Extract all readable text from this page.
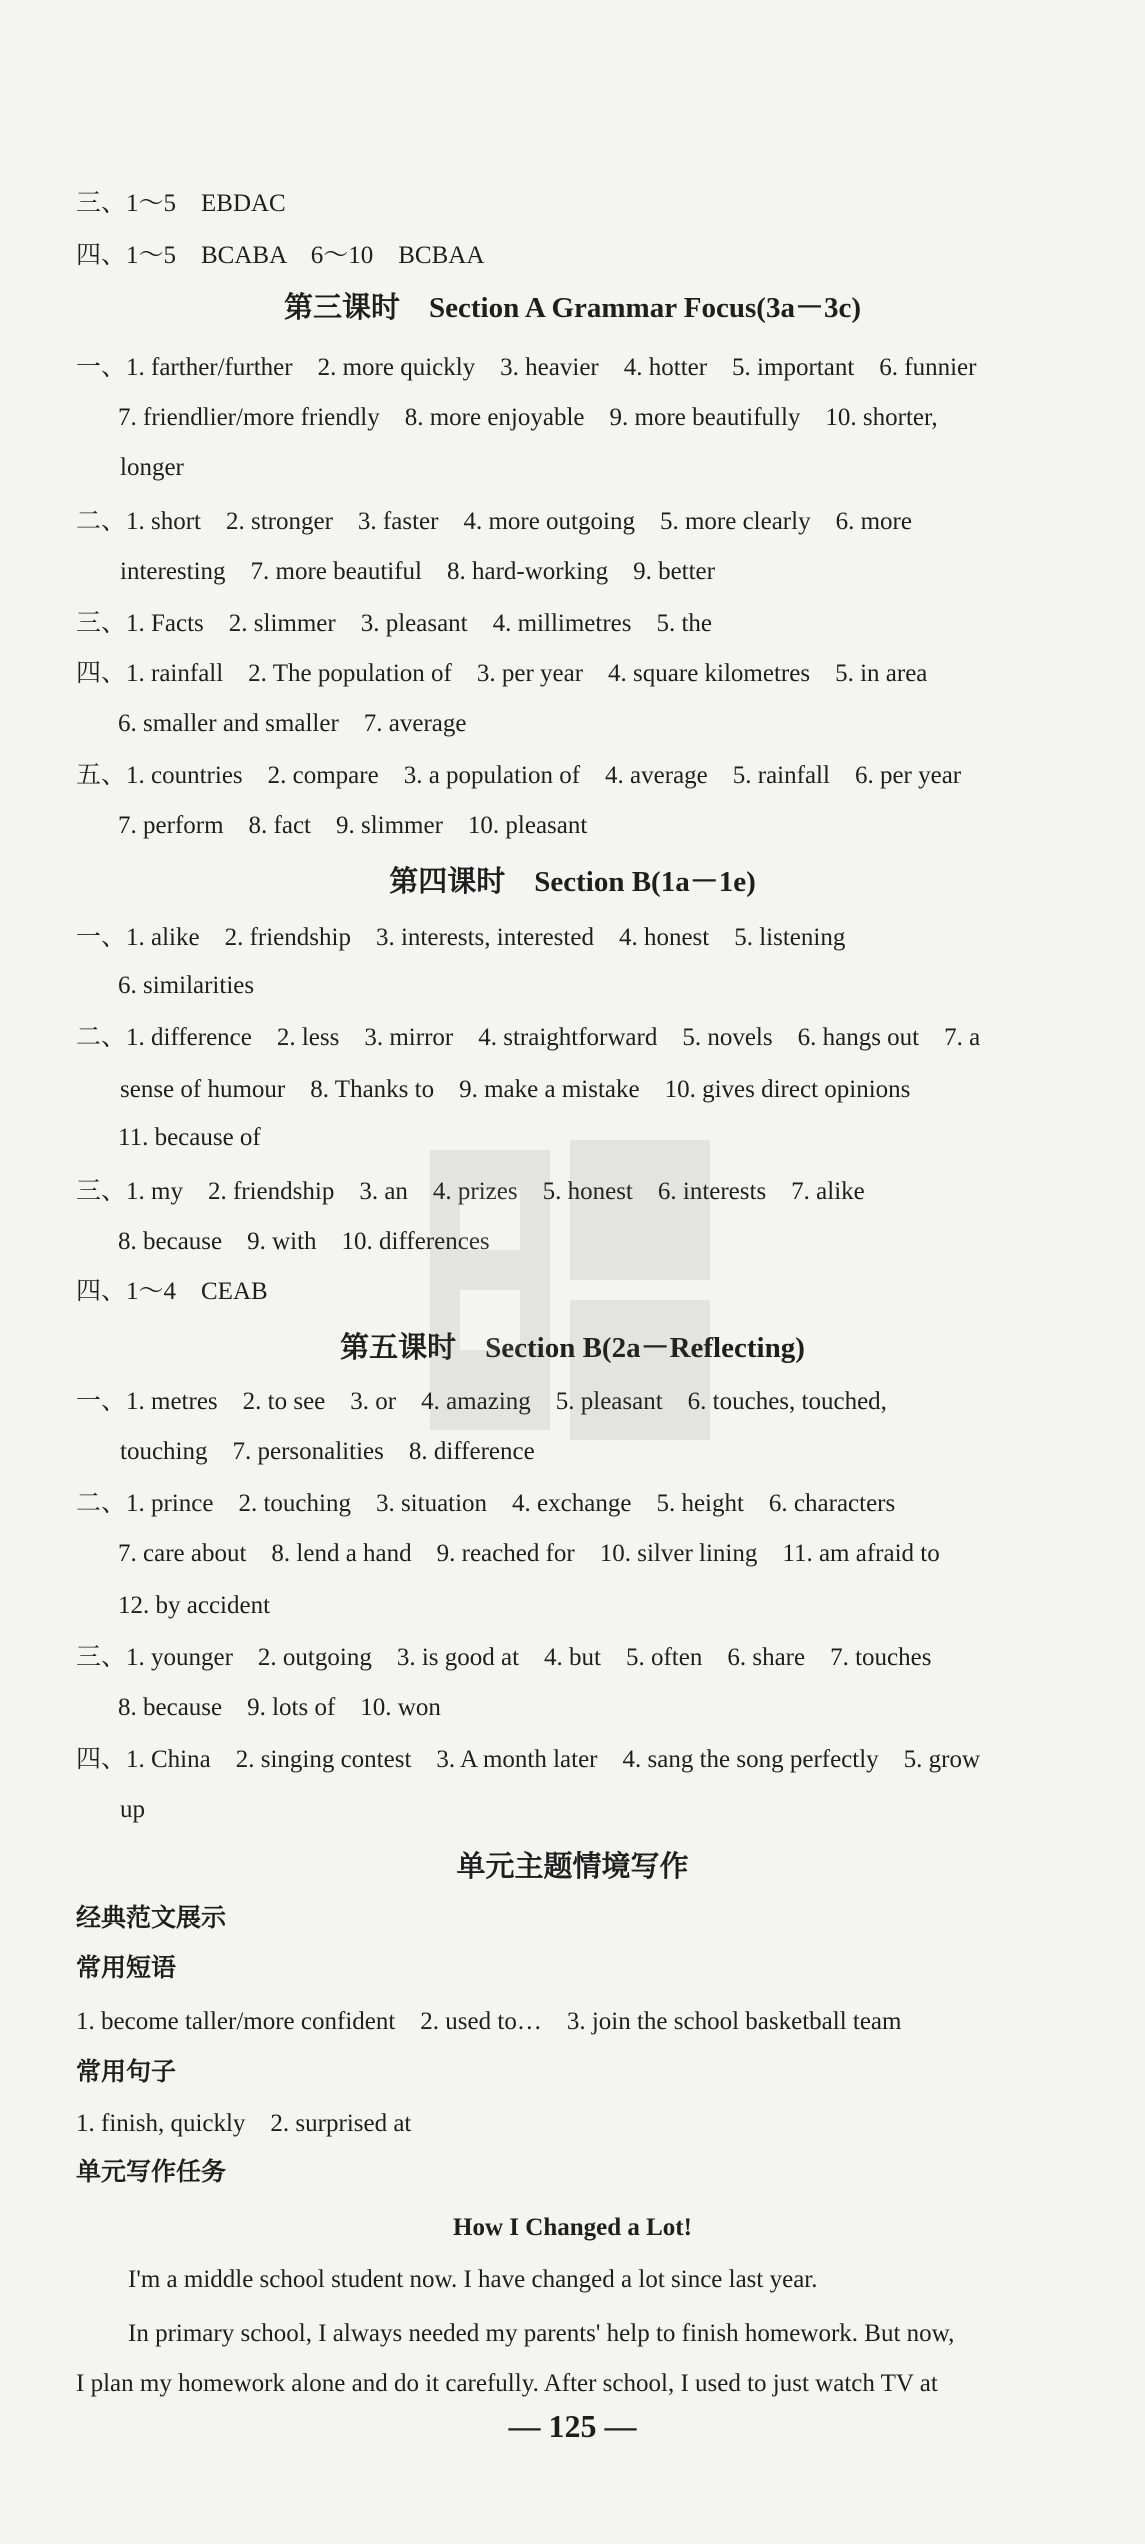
三、1～5　EBDAC
四、1～5　BCABA　6～10　BCBAA
第三课时　Section A Grammar Focus(3a－3c)
一、1. farther/further　2. more quickly　3. heavier　4. hotter　5. important　6. funnier
7. friendlier/more friendly　8. more enjoyable　9. more beautifully　10. shorter,
longer
二、1. short　2. stronger　3. faster　4. more outgoing　5. more clearly　6. more
interesting　7. more beautiful　8. hard-working　9. better
三、1. Facts　2. slimmer　3. pleasant　4. millimetres　5. the
四、1. rainfall　2. The population of　3. per year　4. square kilometres　5. in area
6. smaller and smaller　7. average
五、1. countries　2. compare　3. a population of　4. average　5. rainfall　6. per year
7. perform　8. fact　9. slimmer　10. pleasant
第四课时　Section B(1a－1e)
一、1. alike　2. friendship　3. interests, interested　4. honest　5. listening
6. similarities
二、1. difference　2. less　3. mirror　4. straightforward　5. novels　6. hangs out　7. a
sense of humour　8. Thanks to　9. make a mistake　10. gives direct opinions
11. because of
三、1. my　2. friendship　3. an　4. prizes　5. honest　6. interests　7. alike
8. because　9. with　10. differences
四、1～4　CEAB
第五课时　Section B(2a－Reflecting)
一、1. metres　2. to see　3. or　4. amazing　5. pleasant　6. touches, touched,
touching　7. personalities　8. difference
二、1. prince　2. touching　3. situation　4. exchange　5. height　6. characters
7. care about　8. lend a hand　9. reached for　10. silver lining　11. am afraid to
12. by accident
三、1. younger　2. outgoing　3. is good at　4. but　5. often　6. share　7. touches
8. because　9. lots of　10. won
四、1. China　2. singing contest　3. A month later　4. sang the song perfectly　5. grow
up
单元主题情境写作
经典范文展示
常用短语
1. become taller/more confident　2. used to…　3. join the school basketball team
常用句子
1. finish, quickly　2. surprised at
单元写作任务
How I Changed a Lot!
I'm a middle school student now. I have changed a lot since last year.
In primary school, I always needed my parents' help to finish homework. But now,
I plan my homework alone and do it carefully. After school, I used to just watch TV at
— 125 —
